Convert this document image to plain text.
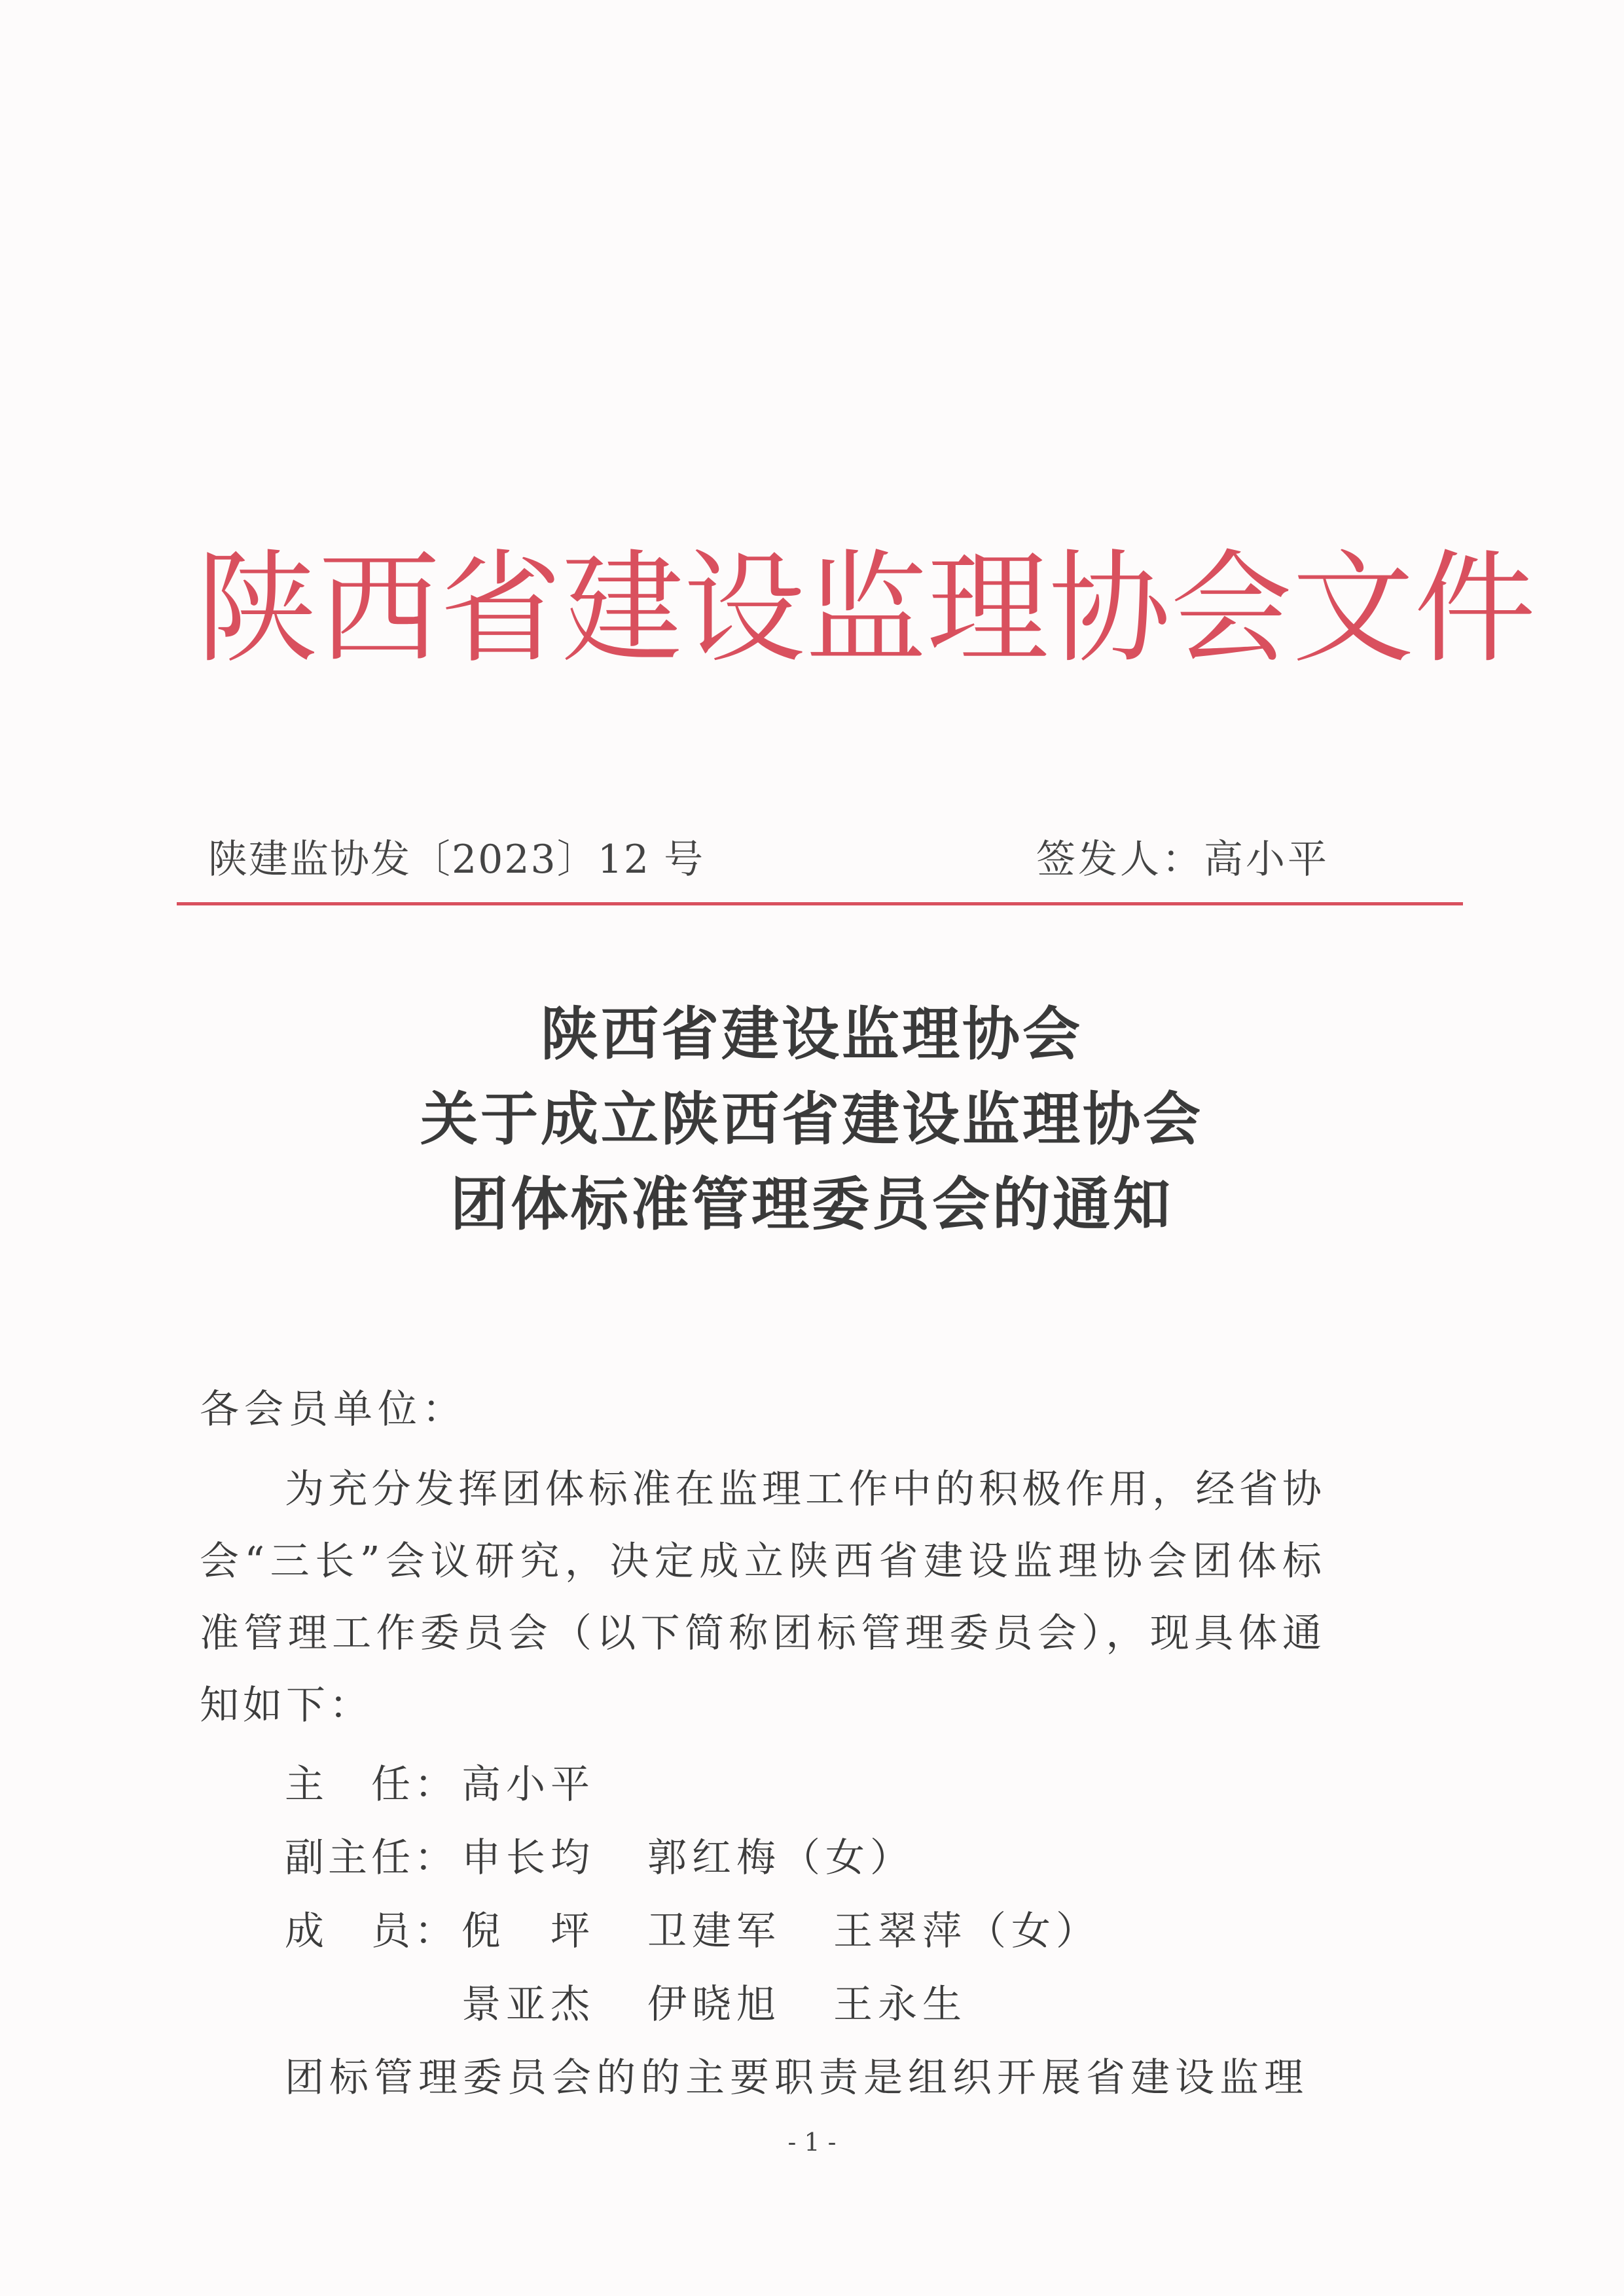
陕 西 省 建 设 监 理 协 会 文 件
陕建监协发〔2023〕12 号	签发人：高小平
陕西省建设监理协会
关于成立陕西省建设监理协会
团体标准管理委员会的通知
各会员单位：
为充分发挥团体标准在监理工作中的积极作用，经省协会“三长”会议研究，决定成立陕西省建设监理协会团体标准管理工作委员会（以下简称团标管理委员会），现具体通知如下：
主　任： 高小平
副主任： 申长均 郭红梅（女）
成　员： 倪　坪 卫建军 王翠萍（女）
景亚杰 伊晓旭 王永生
团标管理委员会的的主要职责是组织开展省建设监理
- 1 -
